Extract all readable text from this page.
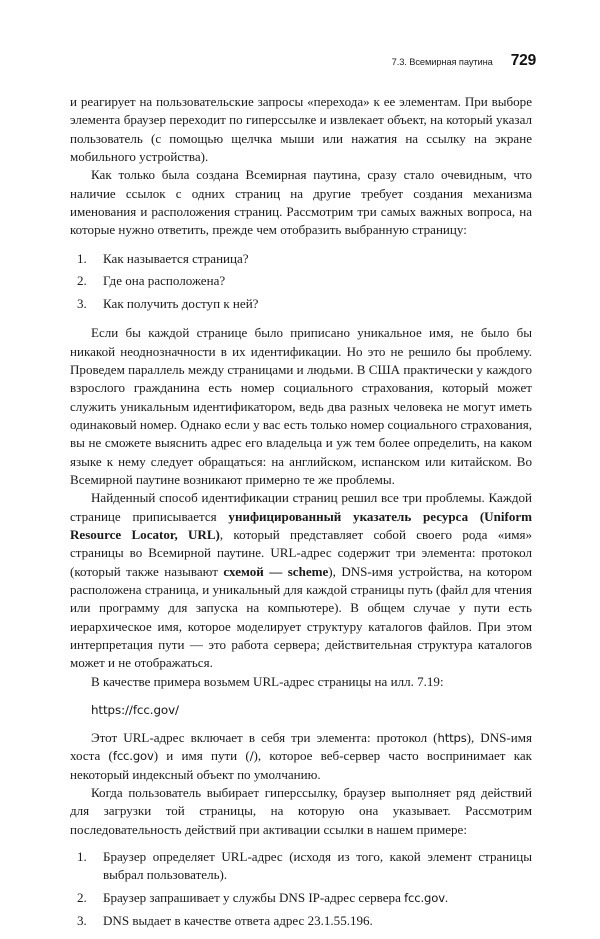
7.3. Всемирная паутина 729

и реагирует на пользовательские запросы «перехода» к ее элементам. При выборе элемента браузер переходит по гиперссылке и извлекает объект, на который указал пользователь (с помощью щелчка мыши или нажатия на ссылку на экране мобильного устройства).

Как только была создана Всемирная паутина, сразу стало очевидным, что наличие ссылок с одних страниц на другие требует создания механизма именования и расположения страниц. Рассмотрим три самых важных вопроса, на которые нужно ответить, прежде чем отобразить выбранную страницу:

1.	Как называется страница?
2.	Где она расположена?
3.	Как получить доступ к ней?

Если бы каждой странице было приписано уникальное имя, не было бы никакой неоднозначности в их идентификации. Но это не решило бы проблему. Проведем параллель между страницами и людьми. В США практически у каждого взрослого гражданина есть номер социального страхования, который может служить уникальным идентификатором, ведь два разных человека не могут иметь одинаковый номер. Однако если у вас есть только номер социального страхования, вы не сможете выяснить адрес его владельца и уж тем более определить, на каком языке к нему следует обращаться: на английском, испанском или китайском. Во Всемирной паутине возникают примерно те же проблемы.

Найденный способ идентификации страниц решил все три проблемы. Каждой странице приписывается унифицированный указатель ресурса (Uniform Resource Locator, URL), который представляет собой своего рода «имя» страницы во Всемирной паутине. URL-адрес содержит три элемента: протокол (который также называют схемой — scheme), DNS-имя устройства, на котором расположена страница, и уникальный для каждой страницы путь (файл для чтения или программу для запуска на компьютере). В общем случае у пути есть иерархическое имя, которое моделирует структуру каталогов файлов. При этом интерпретация пути — это работа сервера; действительная структура каталогов может и не отображаться.

В качестве примера возьмем URL-адрес страницы на илл. 7.19:

https://fcc.gov/

Этот URL-адрес включает в себя три элемента: протокол (https), DNS-имя хоста (fcc.gov) и имя пути (/), которое веб-сервер часто воспринимает как некоторый индексный объект по умолчанию.

Когда пользователь выбирает гиперссылку, браузер выполняет ряд действий для загрузки той страницы, на которую она указывает. Рассмотрим последовательность действий при активации ссылки в нашем примере:

1.	Браузер определяет URL-адрес (исходя из того, какой элемент страницы выбрал пользователь).
2.	Браузер запрашивает у службы DNS IP-адрес сервера fcc.gov.
3.	DNS выдает в качестве ответа адрес 23.1.55.196.
